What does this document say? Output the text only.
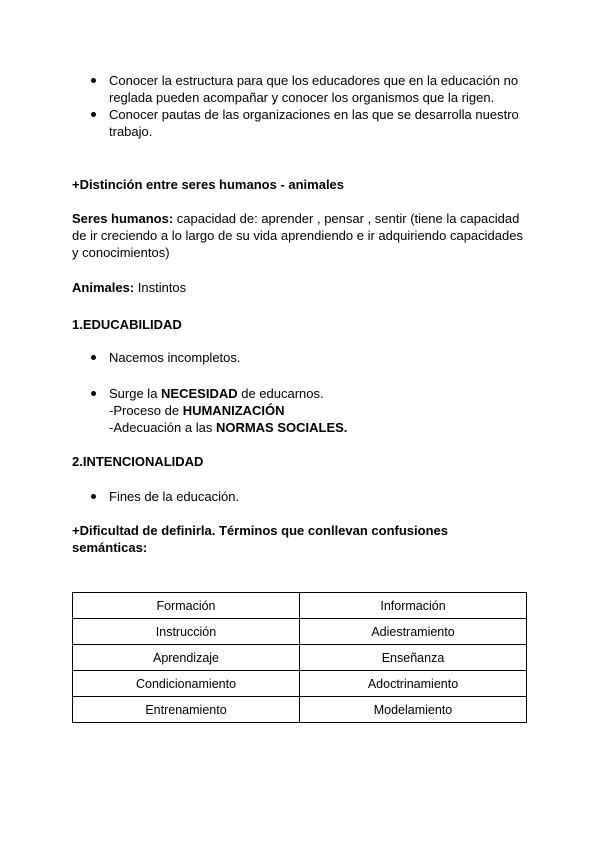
Conocer la estructura para que los educadores que en la educación no reglada pueden acompañar y conocer los organismos que la rigen.
Conocer pautas de las organizaciones en las que se desarrolla nuestro trabajo.
+Distinción entre seres humanos - animales
Seres humanos: capacidad de: aprender , pensar , sentir (tiene la capacidad de ir creciendo a lo largo de su vida aprendiendo e ir adquiriendo capacidades y conocimientos)
Animales: Instintos
1.EDUCABILIDAD
Nacemos incompletos.
Surge la NECESIDAD de educarnos.
-Proceso de HUMANIZACIÓN
-Adecuación a las NORMAS SOCIALES.
2.INTENCIONALIDAD
Fines de la educación.
+Dificultad de definirla. Términos que conllevan confusiones semánticas:
Formación	Información
Instrucción	Adiestramiento
Aprendizaje	Enseñanza
Condicionamiento	Adoctrinamiento
Entrenamiento	Modelamiento
